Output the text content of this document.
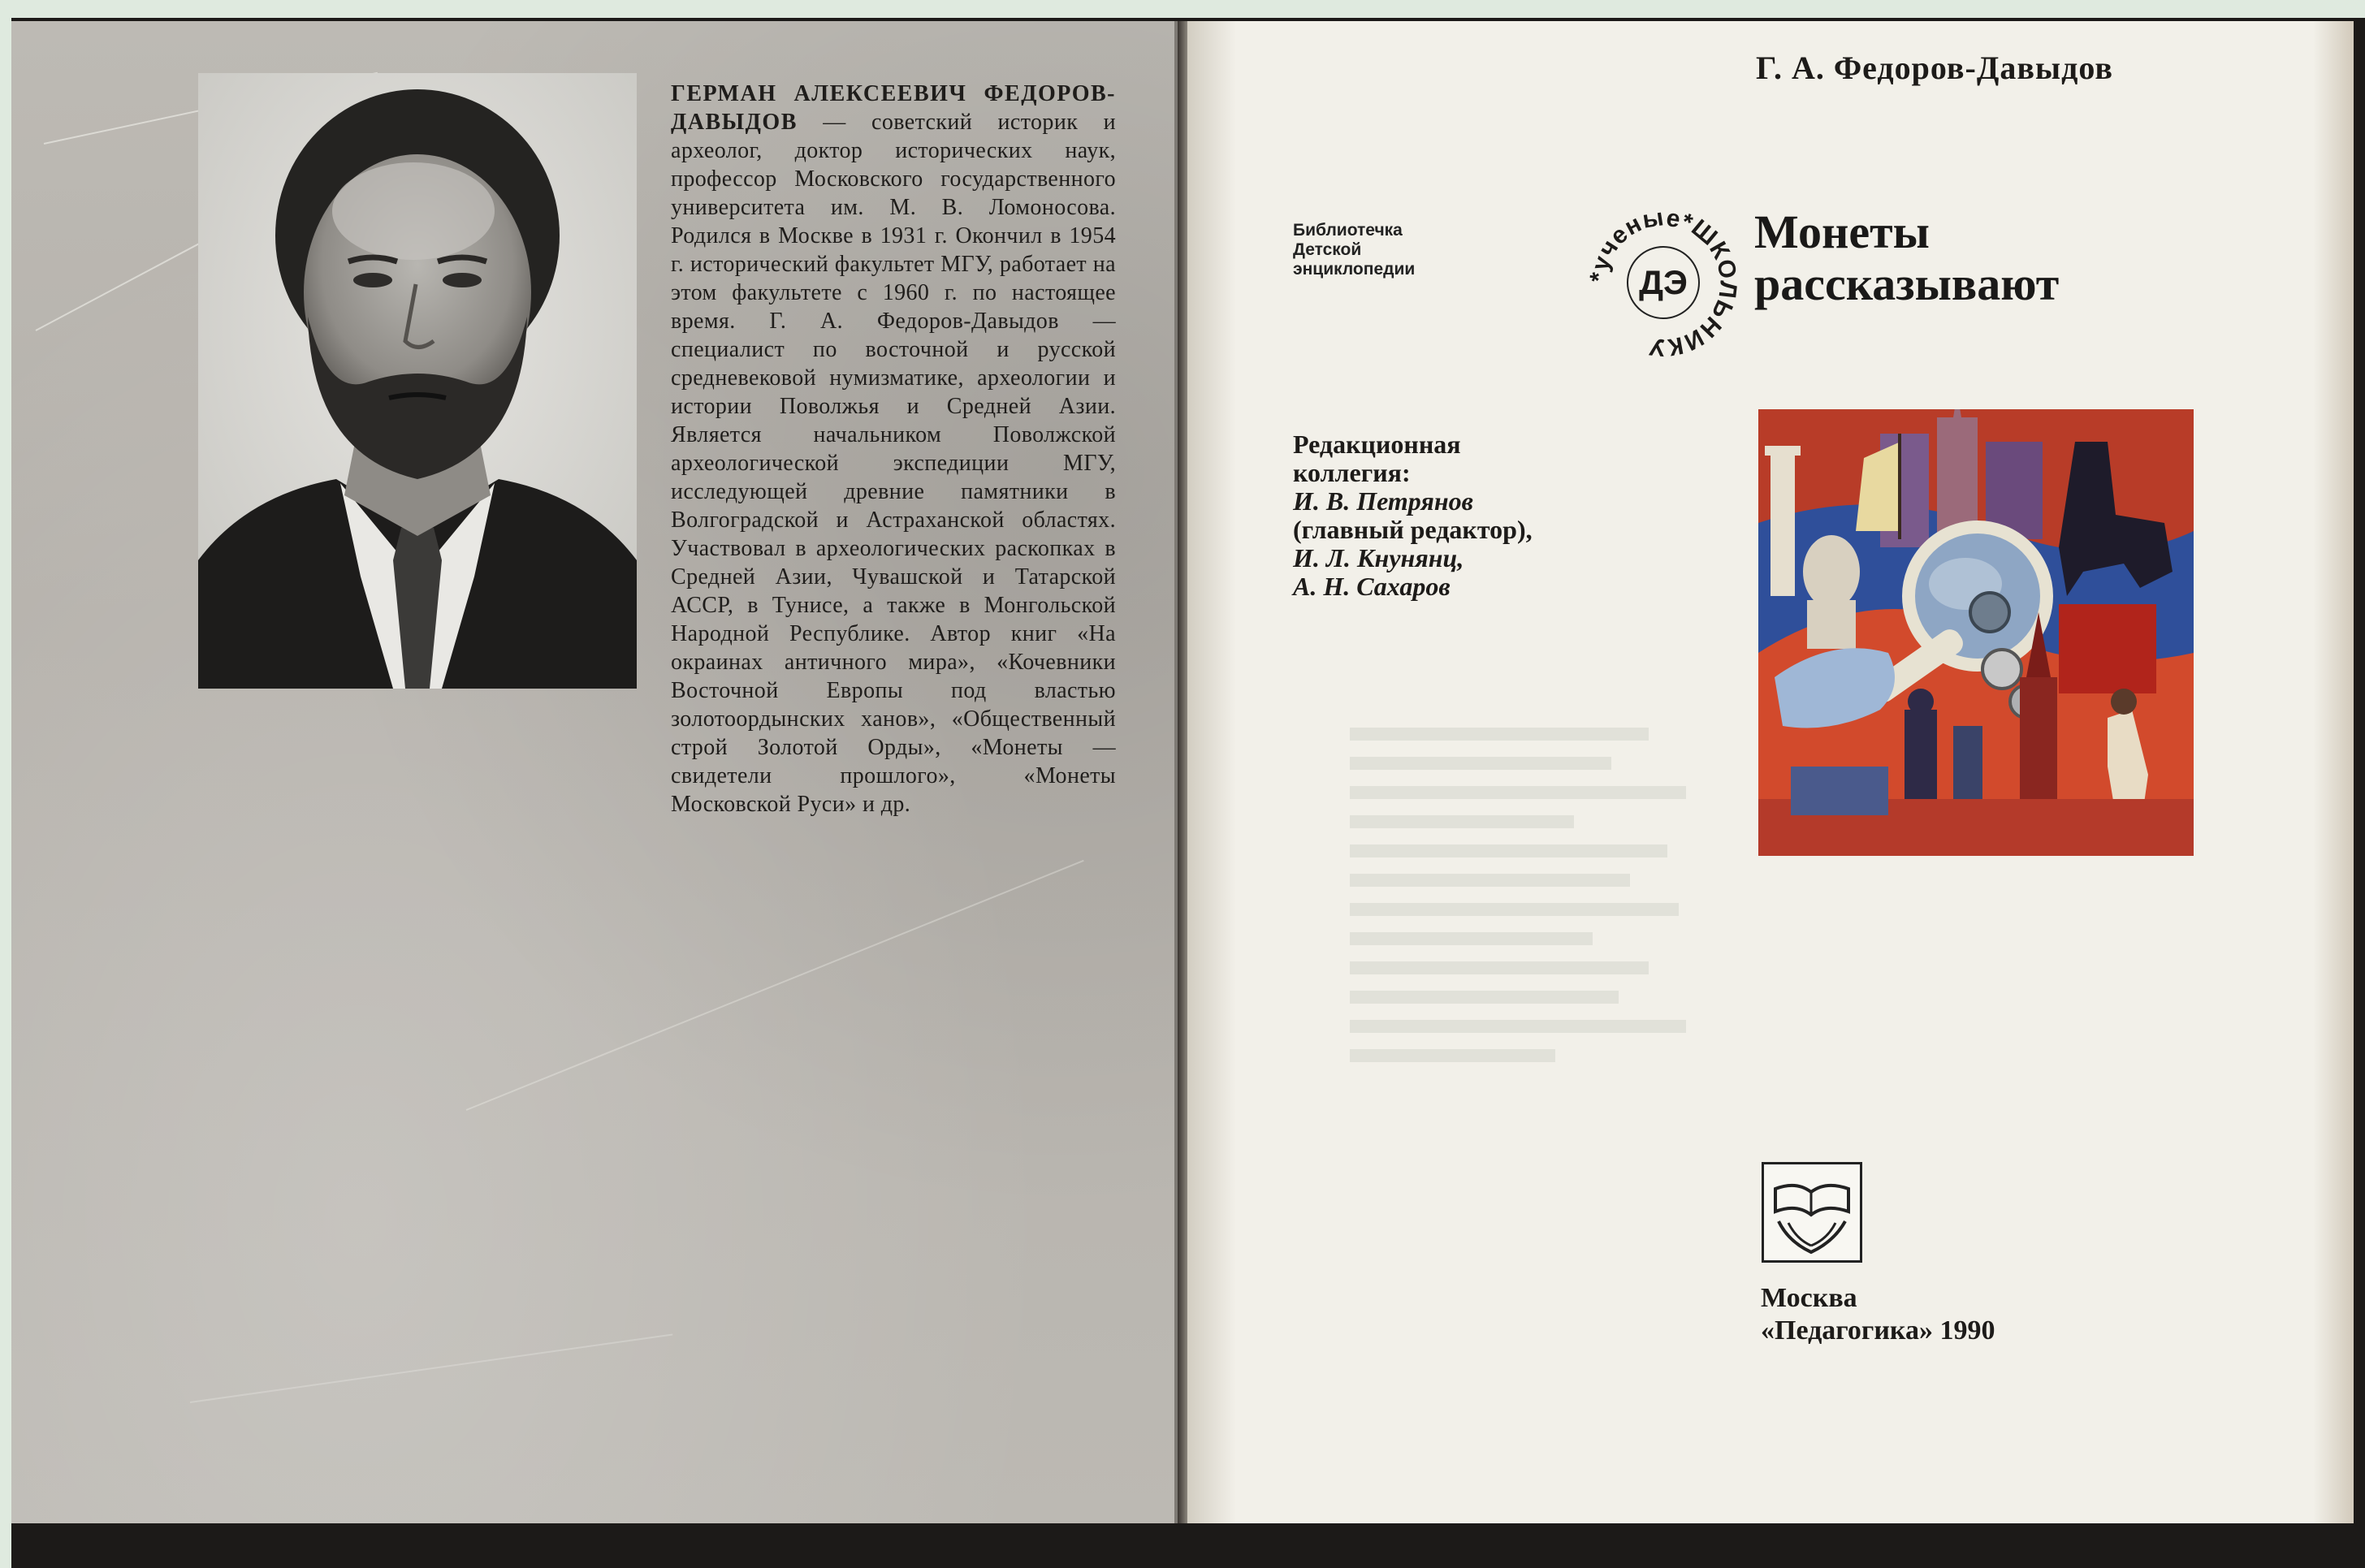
ГЕРМАН АЛЕКСЕЕВИЧ ФЕДОРОВ-ДАВЫДОВ — советский историк и археолог, доктор исторических наук, профессор Московского государственного университета им. М. В. Ломоносова. Родился в Москве в 1931 г. Окончил в 1954 г. исторический факультет МГУ, работает на этом факультете с 1960 г. по настоящее время. Г. А. Федоров-Давыдов — специалист по восточной и русской средневековой нумизматике, археологии и истории Поволжья и Средней Азии. Является начальником Поволжской археологической экспедиции МГУ, исследующей древние памятники в Волгоградской и Астраханской областях. Участвовал в археологических раскопках в Средней Азии, Чувашской и Татарской АССР, в Тунисе, а также в Монгольской Народной Республике. Автор книг «На окраинах античного мира», «Кочевники Восточной Европы под властью золотоордынских ханов», «Общественный строй Золотой Орды», «Монеты — свидетели прошлого», «Монеты Московской Руси» и др.
Г. А. Федоров-Давыдов
Библиотечка
Детской
энциклопедии	*ученые*ШКОЛЬНИКУ
ДЭ
Монеты
рассказывают
Редакционная
коллегия:
И. В. Петрянов
(главный редактор),
И. Л. Кнунянц,
А. Н. Сахаров
Москва
«Педагогика» 1990
